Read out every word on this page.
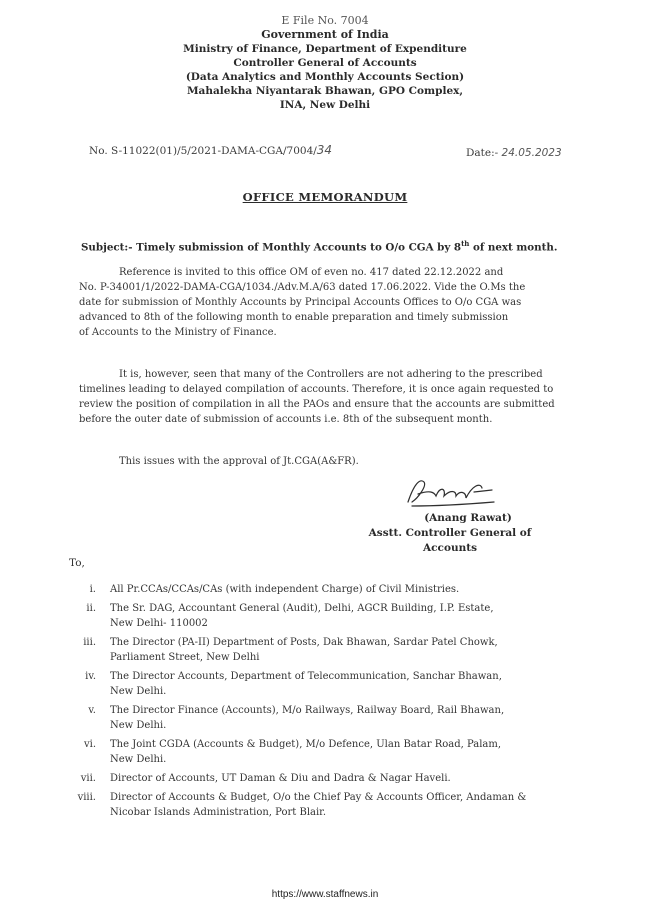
E File No. 7004
Government of India
Ministry of Finance, Department of Expenditure
Controller General of Accounts
(Data Analytics and Monthly Accounts Section)
Mahalekha Niyantarak Bhawan, GPO Complex,
INA, New Delhi
No. S-11022(01)/5/2021-DAMA-CGA/7004/34	Date:- 24.05.2023
OFFICE MEMORANDUM
Subject:- Timely submission of Monthly Accounts to O/o CGA by 8th of next month.
Reference is invited to this office OM of even no. 417 dated 22.12.2022 and
No. P-34001/1/2022-DAMA-CGA/1034./Adv.M.A/63 dated 17.06.2022. Vide the O.Ms the
date for submission of Monthly Accounts by Principal Accounts Offices to O/o CGA was
advanced to 8th of the following month to enable preparation and timely submission
of Accounts to the Ministry of Finance.
It is, however, seen that many of the Controllers are not adhering to the prescribed
timelines leading to delayed compilation of accounts. Therefore, it is once again requested to
review the position of compilation in all the PAOs and ensure that the accounts are submitted
before the outer date of submission of accounts i.e. 8th of the subsequent month.
This issues with the approval of Jt.CGA(A&FR).
(Anang Rawat)
Asstt. Controller General of Accounts
To,
i. All Pr.CCAs/CCAs/CAs (with independent Charge) of Civil Ministries.
ii. The Sr. DAG, Accountant General (Audit), Delhi, AGCR Building, I.P. Estate,
New Delhi- 110002
iii. The Director (PA-II) Department of Posts, Dak Bhawan, Sardar Patel Chowk,
Parliament Street, New Delhi
iv. The Director Accounts, Department of Telecommunication, Sanchar Bhawan,
New Delhi.
v. The Director Finance (Accounts), M/o Railways, Railway Board, Rail Bhawan,
New Delhi.
vi. The Joint CGDA (Accounts & Budget), M/o Defence, Ulan Batar Road, Palam,
New Delhi.
vii. Director of Accounts, UT Daman & Diu and Dadra & Nagar Haveli.
viii. Director of Accounts & Budget, O/o the Chief Pay & Accounts Officer, Andaman &
Nicobar Islands Administration, Port Blair.
https://www.staffnews.in
